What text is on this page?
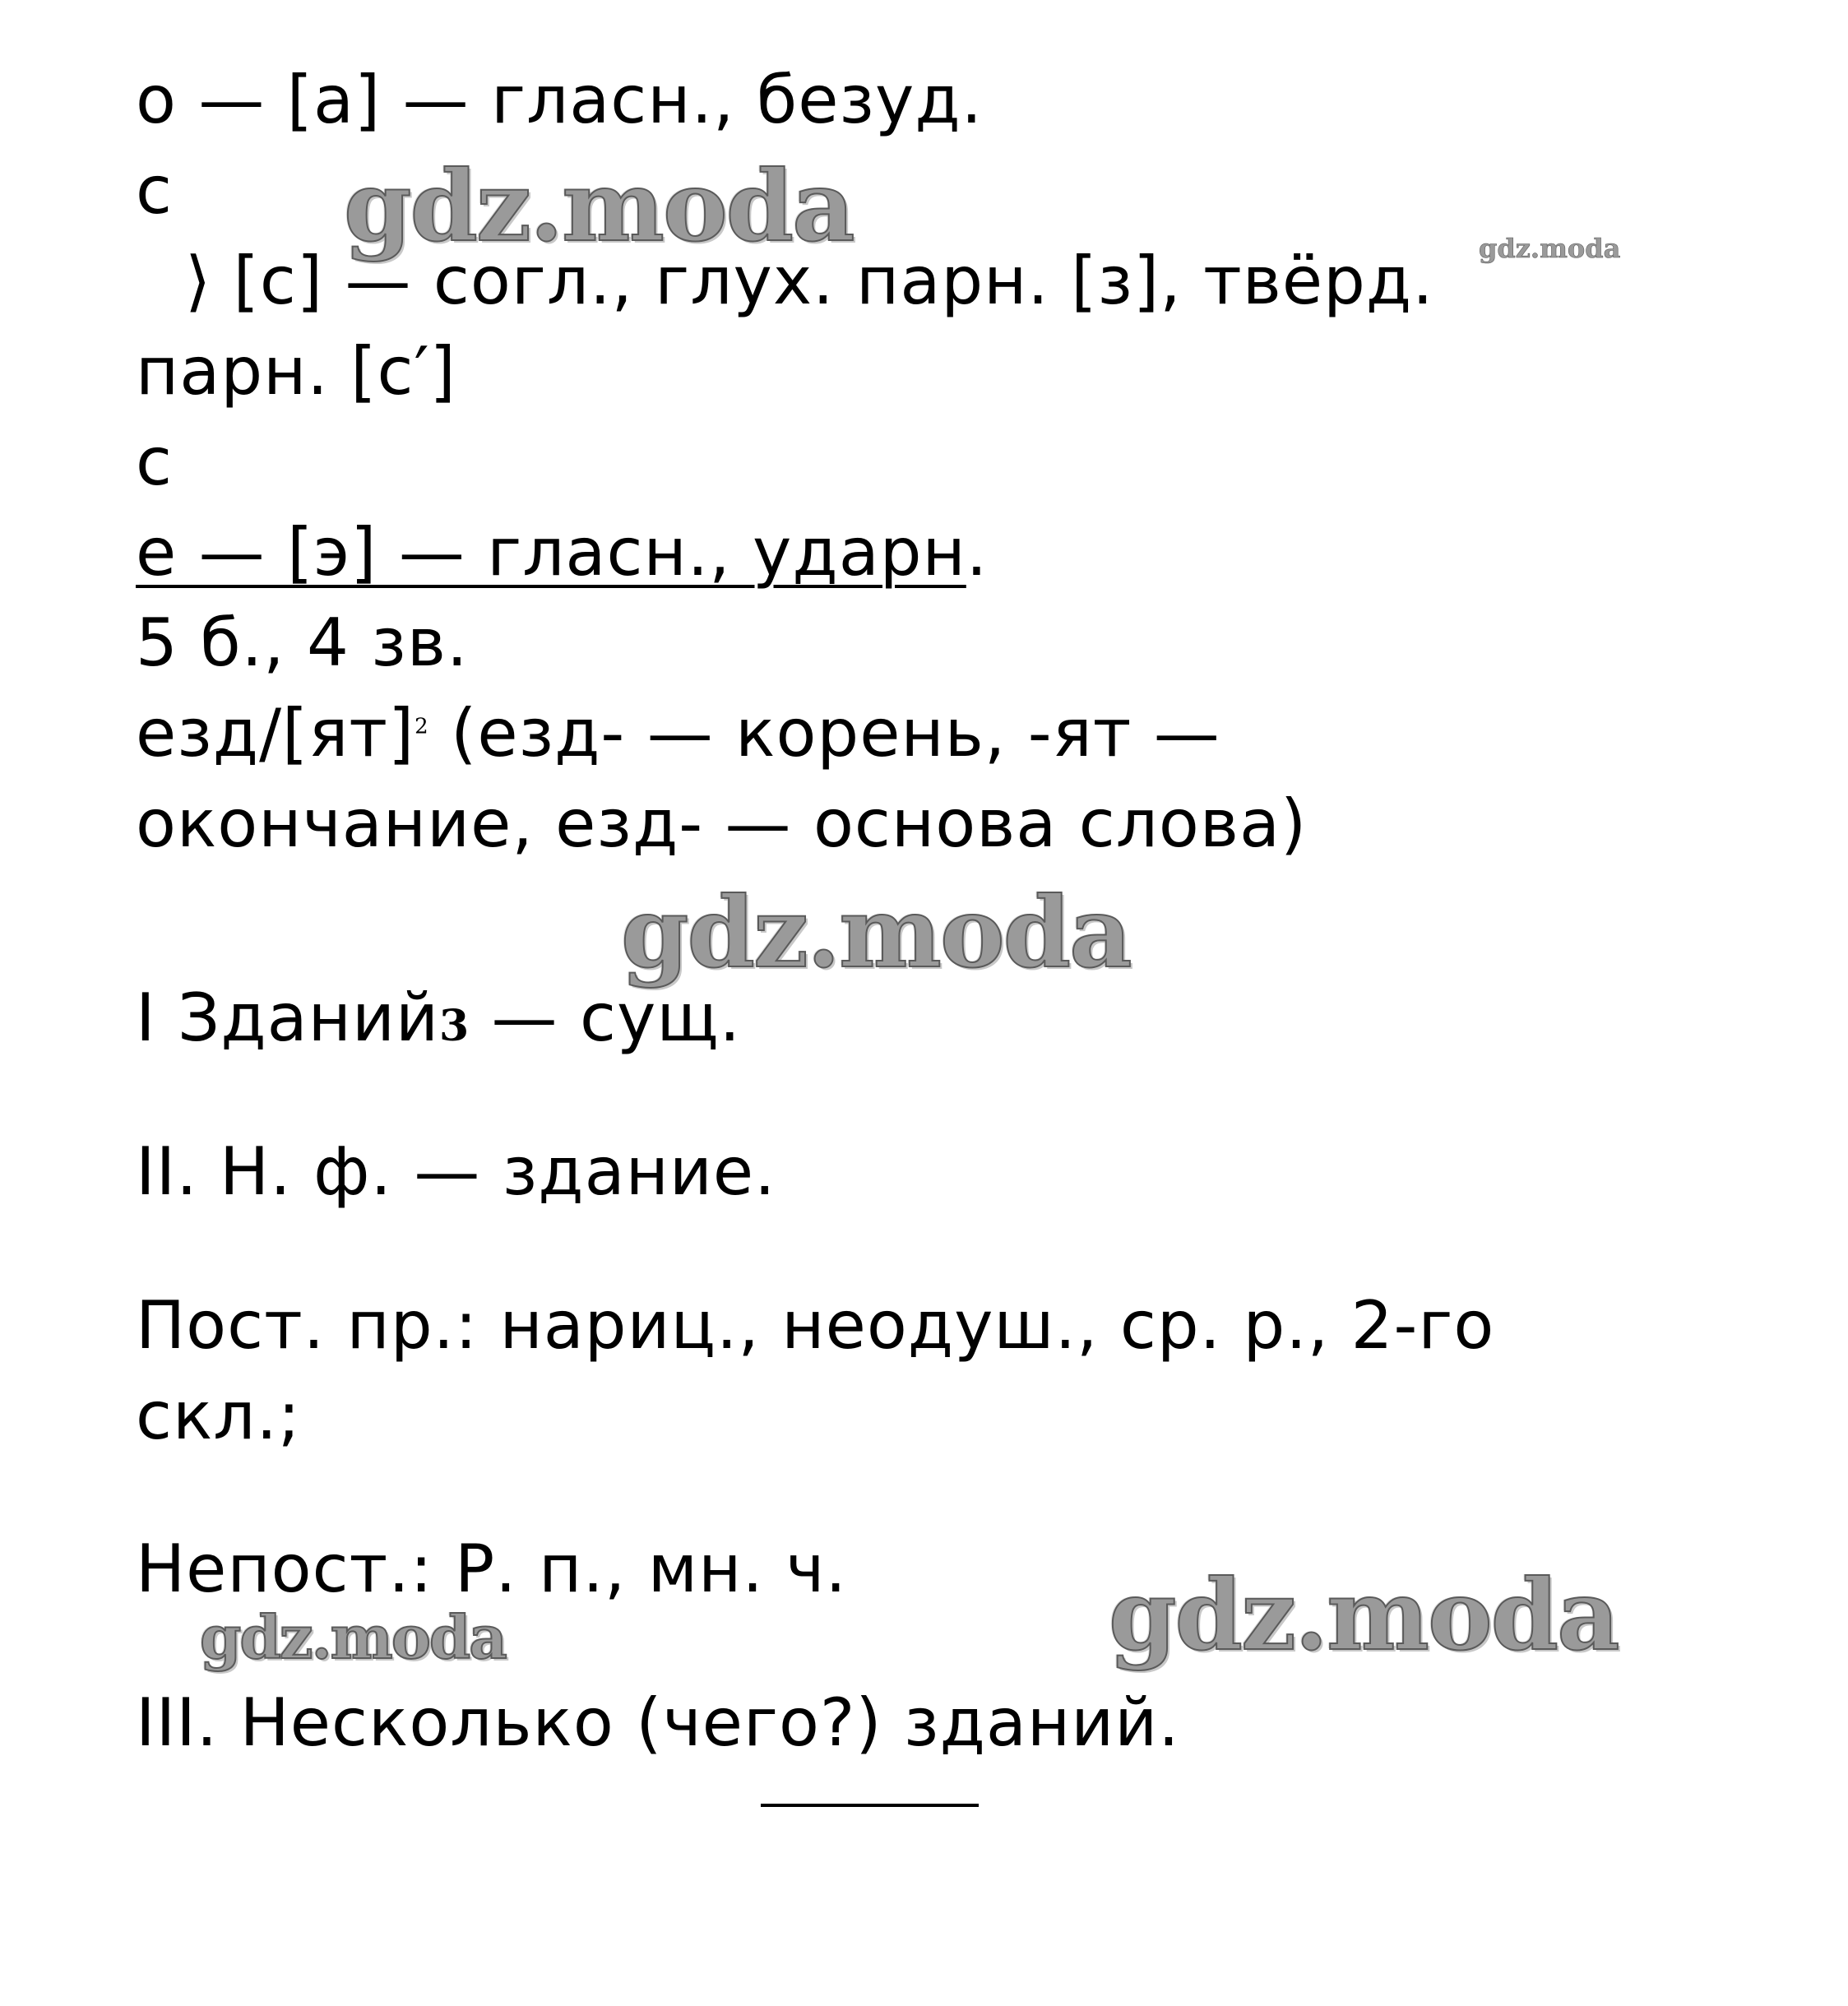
gdz.moda	gdz.moda
gdz.moda
gdz.moda
gdz.moda
о — [а] — гласн., безуд.
с
⟩ [с] — согл., глух. парн. [з], твёрд.
парн. [с′]
с
е — [э] — гласн., ударн.
5 б., 4 зв.
езд/[ят]$^2$ (езд- — корень, -ят —
окончание, езд- — основа слова)
I Зданий3 — сущ.
II. Н. ф. — здание.
Пост. пр.: нариц., неодуш., ср. р., 2-го
скл.;
Непост.: Р. п., мн. ч.
III. Несколько (чего?) зданий.
